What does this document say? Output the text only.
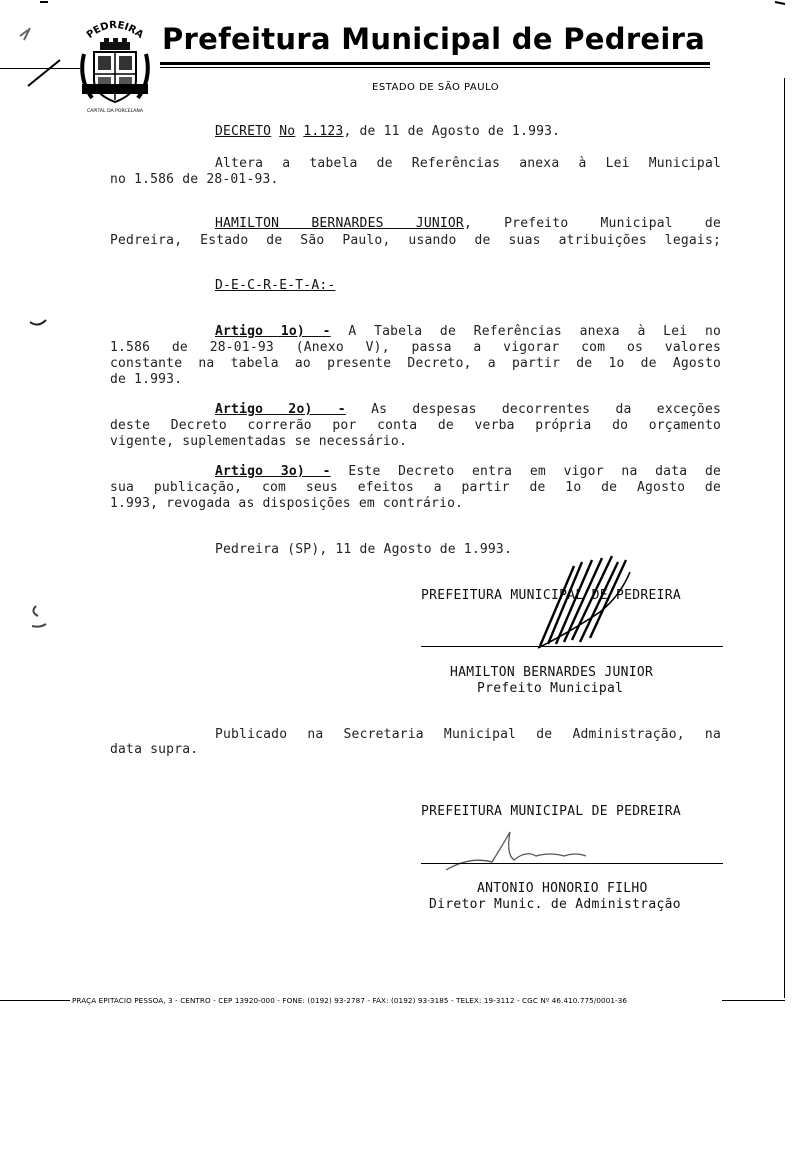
PEDREIRA
CAPITAL DA PORCELANA
Prefeitura Municipal de Pedreira
ESTADO DE SÃO PAULO
DECRETO No 1.123, de 11 de Agosto de 1.993.
Altera a tabela de Referências anexa à Lei Municipal
no 1.586 de 28-01-93.
HAMILTON BERNARDES JUNIOR, Prefeito Municipal de
Pedreira, Estado de São Paulo, usando de suas atribuições legais;
D-E-C-R-E-T-A:-
Artigo 1o) - A Tabela de Referências anexa à Lei no
1.586 de 28-01-93 (Anexo V), passa a vigorar com os valores
constante na tabela ao presente Decreto, a partir de 1o de Agosto
de 1.993.
Artigo 2o) - As despesas decorrentes da exceções
deste Decreto correrão por conta de verba própria do orçamento
vigente, suplementadas se necessário.
Artigo 3o) - Este Decreto entra em vigor na data de
sua publicação, com seus efeitos a partir de 1o de Agosto de
1.993, revogada as disposições em contrário.
Pedreira (SP), 11 de Agosto de 1.993.
PREFEITURA MUNICIPAL DE PEDREIRA
HAMILTON BERNARDES JUNIOR
Prefeito Municipal
Publicado na Secretaria Municipal de Administração, na
data supra.
PREFEITURA MUNICIPAL DE PEDREIRA
ANTONIO HONORIO FILHO
Diretor Munic. de Administração
PRAÇA EPITACIO PESSOA, 3 - CENTRO - CEP 13920-000 - FONE: (0192) 93-2787 - FAX: (0192) 93-3185 - TELEX: 19-3112 - CGC Nº 46.410.775/0001-36
